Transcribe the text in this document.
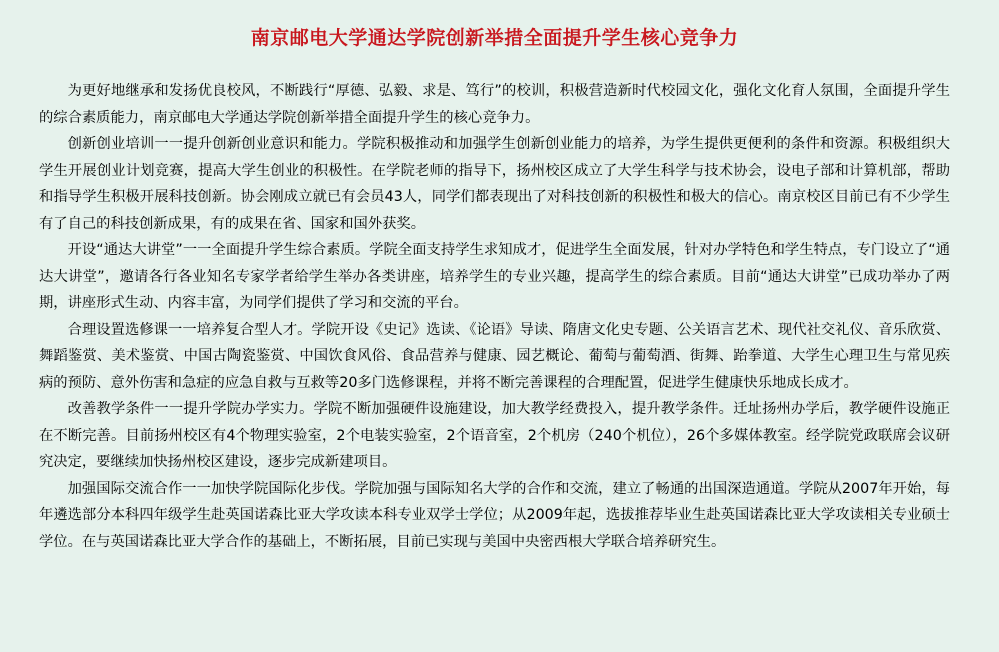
南京邮电大学通达学院创新举措全面提升学生核心竞争力

为更好地继承和发扬优良校风，不断践行“厚德、弘毅、求是、笃行”的校训，积极营造新时代校园文化，强化文化育人氛围，全面提升学生的综合素质能力，南京邮电大学通达学院创新举措全面提升学生的核心竞争力。

创新创业培训一一提升创新创业意识和能力。学院积极推动和加强学生创新创业能力的培养，为学生提供更便利的条件和资源。积极组织大学生开展创业计划竞赛，提高大学生创业的积极性。在学院老师的指导下，扬州校区成立了大学生科学与技术协会，设电子部和计算机部，帮助和指导学生积极开展科技创新。协会刚成立就已有会员43人，同学们都表现出了对科技创新的积极性和极大的信心。南京校区目前已有不少学生有了自己的科技创新成果，有的成果在省、国家和国外获奖。

开设“通达大讲堂”一一全面提升学生综合素质。学院全面支持学生求知成才，促进学生全面发展，针对办学特色和学生特点，专门设立了“通达大讲堂”，邀请各行各业知名专家学者给学生举办各类讲座，培养学生的专业兴趣，提高学生的综合素质。目前“通达大讲堂”已成功举办了两期，讲座形式生动、内容丰富，为同学们提供了学习和交流的平台。

合理设置选修课一一培养复合型人才。学院开设《史记》选读、《论语》导读、隋唐文化史专题、公关语言艺术、现代社交礼仪、音乐欣赏、舞蹈鉴赏、美术鉴赏、中国古陶瓷鉴赏、中国饮食风俗、食品营养与健康、园艺概论、葡萄与葡萄酒、街舞、跆拳道、大学生心理卫生与常见疾病的预防、意外伤害和急症的应急自救与互救等20多门选修课程，并将不断完善课程的合理配置，促进学生健康快乐地成长成才。

改善教学条件一一提升学院办学实力。学院不断加强硬件设施建设，加大教学经费投入，提升教学条件。迁址扬州办学后，教学硬件设施正在不断完善。目前扬州校区有4个物理实验室，2个电装实验室，2个语音室，2个机房（240个机位），26个多媒体教室。经学院党政联席会议研究决定，要继续加快扬州校区建设，逐步完成新建项目。

加强国际交流合作一一加快学院国际化步伐。学院加强与国际知名大学的合作和交流，建立了畅通的出国深造通道。学院从2007年开始，每年遴选部分本科四年级学生赴英国诺森比亚大学攻读本科专业双学士学位；从2009年起，选拔推荐毕业生赴英国诺森比亚大学攻读相关专业硕士学位。在与英国诺森比亚大学合作的基础上，不断拓展，目前已实现与美国中央密西根大学联合培养研究生。
